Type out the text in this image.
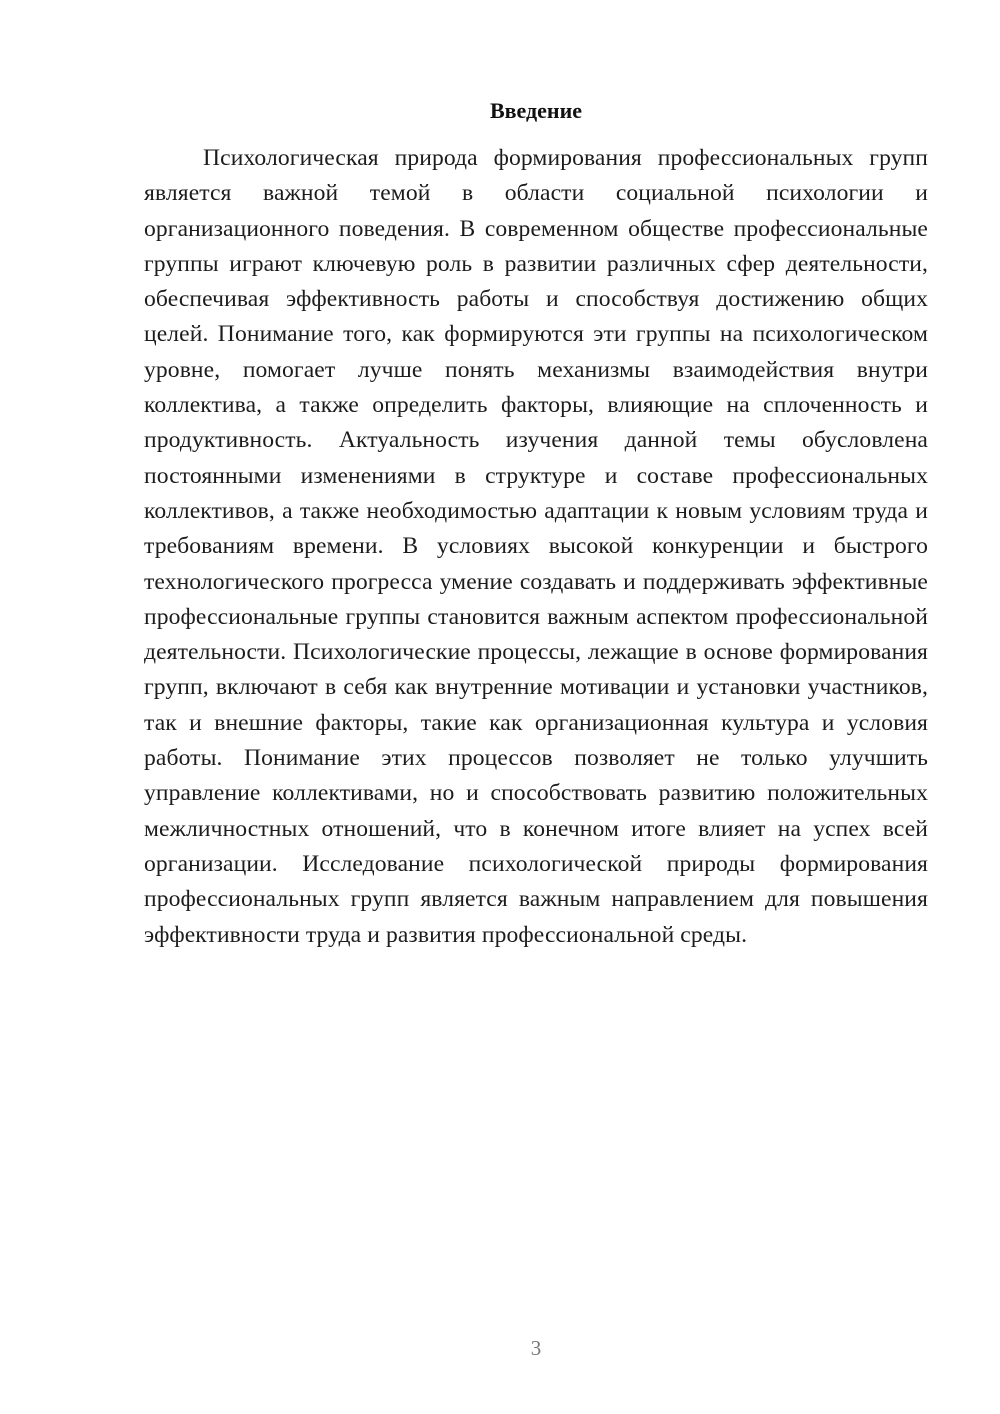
Введение

Психологическая природа формирования профессиональных групп является важной темой в области социальной психологии и организационного поведения. В современном обществе профессиональные группы играют ключевую роль в развитии различных сфер деятельности, обеспечивая эффективность работы и способствуя достижению общих целей. Понимание того, как формируются эти группы на психологическом уровне, помогает лучше понять механизмы взаимодействия внутри коллектива, а также определить факторы, влияющие на сплоченность и продуктивность. Актуальность изучения данной темы обусловлена постоянными изменениями в структуре и составе профессиональных коллективов, а также необходимостью адаптации к новым условиям труда и требованиям времени. В условиях высокой конкуренции и быстрого технологического прогресса умение создавать и поддерживать эффективные профессиональные группы становится важным аспектом профессиональной деятельности. Психологические процессы, лежащие в основе формирования групп, включают в себя как внутренние мотивации и установки участников, так и внешние факторы, такие как организационная культура и условия работы. Понимание этих процессов позволяет не только улучшить управление коллективами, но и способствовать развитию положительных межличностных отношений, что в конечном итоге влияет на успех всей организации. Исследование психологической природы формирования профессиональных групп является важным направлением для повышения эффективности труда и развития профессиональной среды.

3
